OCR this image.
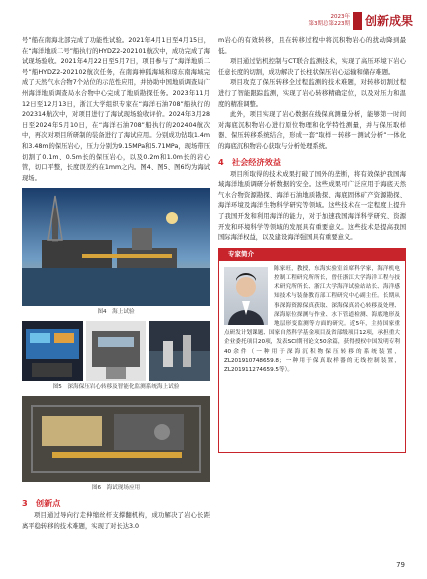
2023年
第3期总第223期 创新成果

号”船在南海北部完成了功能性试验。2021年4月1日至4月15日，在“海洋地质二号”船执行的HYDZ2-202101航次中，成功完成了海试现场验收。2021年4月22日至5月7日，项目参与了“海洋地质二号”船HYDZ2-202102航次任务，在南海神狐海域和琼东南海域完成了天然气水合物7个站位的示范性应用，并协助中国地质调查局广州海洋地质调查局水合物中心完成了地质勘探任务。2023年11月12日至12月13日，浙江大学组织专家在“海洋石油708”船执行的202314航次中，对项目进行了海试现场验收评价。2024年3月28日至2024年5月10日，在“海洋石油708”船执行的202404航次中，再次对项目所研制的装备进行了海试应用。分别成功钻取1.4m和3.48m的保压岩心，压力分别为9.15MPa和5.71MPa，现场带压切割了0.1m、0.5m长的保压岩心，以及0.2m和1.0m长的岩心管，切口平整，长度误差约在1mm之内。图4、图5、图6均为海试现场。

图4　海上试验
图5　深海保压岩心转移及智能化监测系统海上试验
图6　海试现场应用
3　创新点

项目通过导向行走伸缩丝杆支撑翻机构，成功解决了岩心长距离平稳转移的技术难题，实现了对长达3.0

m岩心的有效转移，且在转移过程中将沉积物岩心的扰动降到最低。

项目通过钻机控制与CT联合监测技术，实现了高压环境下岩心任意长度的切割，成功解决了长柱状保压岩心运输和储存难题。

项目攻克了保压转移全过程监测的技术难题，对转移切割过程进行了智能跟踪监测，实现了岩心转移精确定位，以及对压力和温度的精准调整。

此外，项目实现了岩心数据在线保真测量分析，能够第一时间对海底沉积物岩心进行原位物理和化学特性测量，并与保压取样器、保压转移系统结合，形成一套“取样－转移－测试分析”一体化的海底沉积物岩心获取与分析处理系统。

4　社会经济效益

项目所取得的技术成果打破了国外的垄断，将有效保护我国海域海洋地质调研分析数据的安全。这些成果可广泛应用于海底天然气水合物资源勘探、海洋石油地质勘探、海底固体矿产资源勘探、海洋环境及海洋生物科学研究等领域。这些技术在一定程度上提升了我国开发和利用海洋的能力，对于加速我国海洋科学研究、资源开发和环境科学等领域的发展具有重要意义。这些技术是提高我国国际海洋权益，以及建设海洋强国具有重要意义。

专家简介
陈家旺，教授，东海实验室首席科学家，海洋机电控制工程研究所所长，曾任浙江大学海洋工程与技术研究所所长、浙江大学海洋试验站站长、海洋感知技术与装备教育部工程研究中心副主任。长期从事深海资源保真获取、深海保真岩心转移及处理、深海原位探测与作业、水下管道检测、海底地形及地层形变监测等方面的研究。近5年，主持国家重点研发计划课题、国家自然科学基金项目及省部级项目12项，承担重大企业委托项目20项，发表SCI期刊论文50余篇，获得授权中国发明专利40余件（一种用于深海沉积物保压转移的系统装置，ZL201910748659.8；一种用于保真取样器的无线控制装置，ZL201911274659.5等）。
79
